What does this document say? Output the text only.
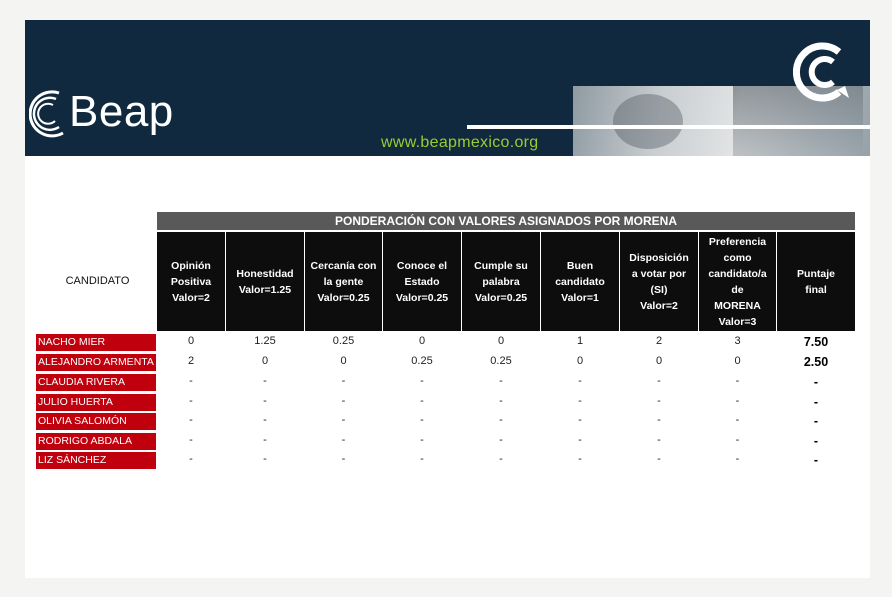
Beap
www.beapmexico.org
PONDERACIÓN CON VALORES ASIGNADOS POR MORENA
CANDIDATO
Opinión
Positiva
Valor=2
Honestidad
Valor=1.25
Cercanía con
la gente
Valor=0.25
Conoce el
Estado
Valor=0.25
Cumple su
palabra
Valor=0.25
Buen
candidato
Valor=1
Disposición
a votar por
(SI)
Valor=2
Preferencia
como
candidato/a
de
MORENA
Valor=3
Puntaje
final
NACHO MIER	0	1.25	0.25	0	0	1	2	3	7.50
ALEJANDRO ARMENTA	2	0	0	0.25	0.25	0	0	0	2.50
CLAUDIA RIVERA	-	-	-	-	-	-	-	-	-
JULIO HUERTA	-	-	-	-	-	-	-	-	-
OLIVIA SALOMÓN	-	-	-	-	-	-	-	-	-
RODRIGO ABDALA	-	-	-	-	-	-	-	-	-
LIZ SÁNCHEZ	-	-	-	-	-	-	-	-	-
